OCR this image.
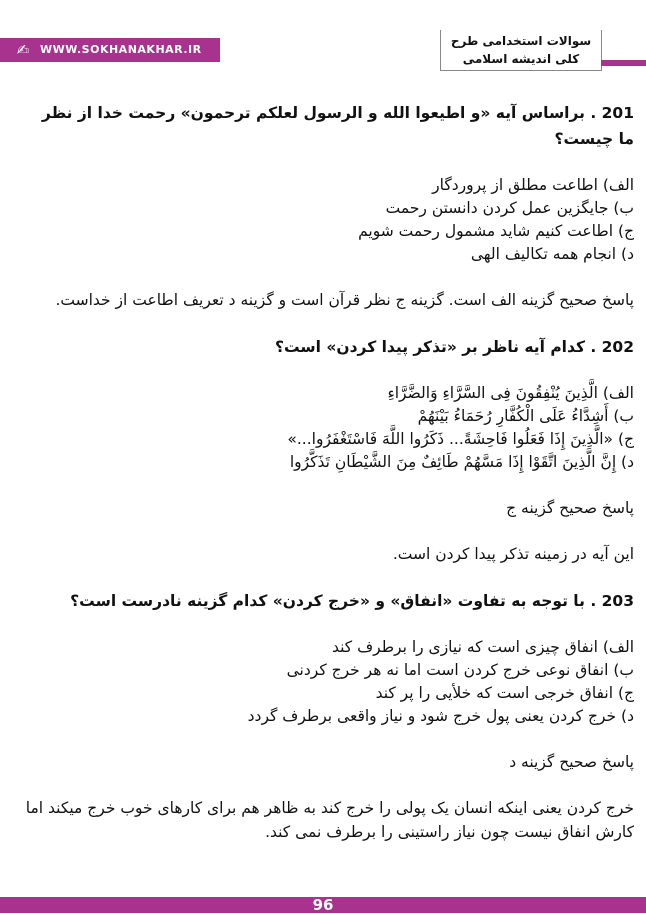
✍ WWW.SOKHANAKHAR.IR
سوالات استخدامی طرح
کلی اندیشه اسلامی

201 . براساس آیه «و اطیعوا الله و الرسول لعلکم ترحمون» رحمت خدا از نظر ما چیست؟

الف) اطاعت مطلق از پروردگار
ب) جایگزین عمل کردن دانستن رحمت
ج) اطاعت کنیم شاید مشمول رحمت شویم
د) انجام همه تکالیف الهی

پاسخ صحیح گزینه الف است. گزینه ج نظر قرآن است و گزینه د تعریف اطاعت از خداست.

202 . کدام آیه ناظر بر «تذکر پیدا کردن» است؟

الف) الَّذِینَ یُنْفِقُونَ فِی السَّرَّاءِ وَالضَّرَّاءِ
ب) أَشِدَّاءُ عَلَی الْکُفَّارِ رُحَمَاءُ بَیْنَهُمْ
ج) «الَّذِینَ إِذَا فَعَلُوا فَاحِشَةً... ذَکَرُوا اللَّهَ فَاسْتَغْفَرُوا...»
د) إِنَّ الَّذِینَ اتَّقَوْا إِذَا مَسَّهُمْ طَائِفٌ مِنَ الشَّیْطَانِ تَذَکَّرُوا

پاسخ صحیح گزینه ج

این آیه در زمینه تذکر پیدا کردن است.

203 . با توجه به تفاوت «انفاق» و «خرج کردن» کدام گزینه نادرست است؟

الف) انفاق چیزی است که نیازی را برطرف کند
ب) انفاق نوعی خرج کردن است اما نه هر خرج کردنی
ج) انفاق خرجی است که خلأیی را پر کند
د) خرج کردن یعنی پول خرج شود و نیاز واقعی برطرف گردد

پاسخ صحیح گزینه د

خرج کردن یعنی اینکه انسان یک پولی را خرج کند به ظاهر هم برای کارهای خوب خرج میکند اما کارش انفاق نیست چون نیاز راستینی را برطرف نمی کند.

96
